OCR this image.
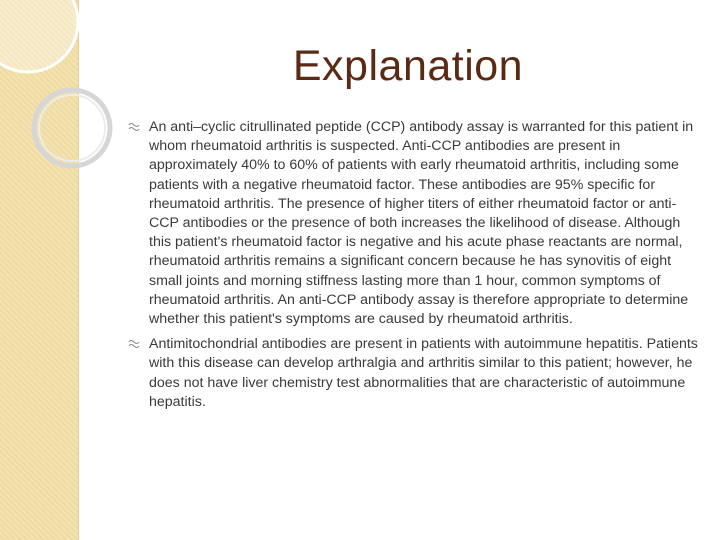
Explanation
An anti–cyclic citrullinated peptide (CCP) antibody assay is warranted for this patient in whom rheumatoid arthritis is suspected. Anti-CCP antibodies are present in approximately 40% to 60% of patients with early rheumatoid arthritis, including some patients with a negative rheumatoid factor. These antibodies are 95% specific for rheumatoid arthritis. The presence of higher titers of either rheumatoid factor or anti-CCP antibodies or the presence of both increases the likelihood of disease. Although this patient's rheumatoid factor is negative and his acute phase reactants are normal, rheumatoid arthritis remains a significant concern because he has synovitis of eight small joints and morning stiffness lasting more than 1 hour, common symptoms of rheumatoid arthritis. An anti-CCP antibody assay is therefore appropriate to determine whether this patient's symptoms are caused by rheumatoid arthritis.
Antimitochondrial antibodies are present in patients with autoimmune hepatitis. Patients with this disease can develop arthralgia and arthritis similar to this patient; however, he does not have liver chemistry test abnormalities that are characteristic of autoimmune hepatitis.
